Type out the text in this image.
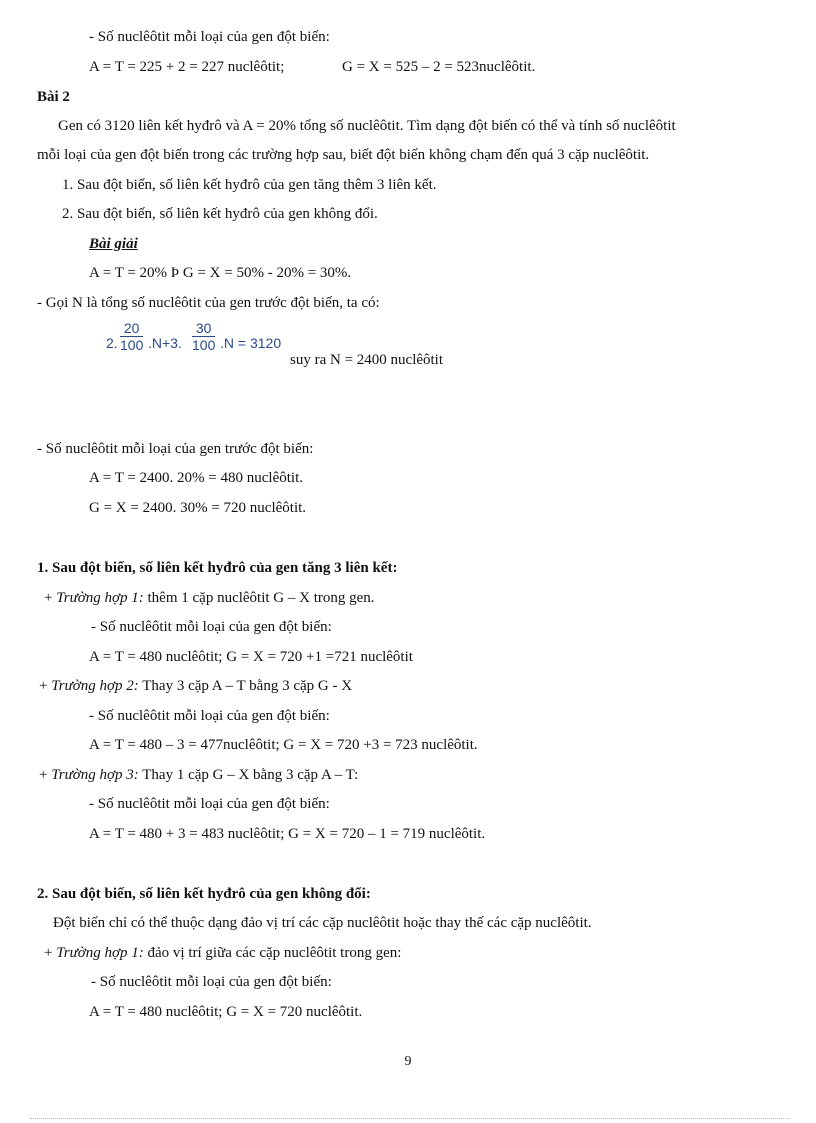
- Số nuclêôtit mỗi loại của gen đột biến:
A = T = 225 + 2 = 227 nuclêôtit;	G = X = 525 – 2 = 523nuclêôtit.
Bài 2
Gen có 3120 liên kết hyđrô và A = 20% tổng số nuclêôtit. Tìm dạng đột biến có thể và tính số nuclêôtit
mỗi loại của gen đột biến trong các trường hợp sau, biết đột biến không chạm đến quá 3 cặp nuclêôtit.
1. Sau đột biến, số liên kết hyđrô của gen tăng thêm 3 liên kết.
2. Sau đột biến, số liên kết hyđrô của gen không đổi.
Bài giải
A = T = 20% Þ G = X = 50% - 20% = 30%.
- Gọi N là tổng số nuclêôtit của gen trước đột biến, ta có:
2. $\frac{20}{100} .N+3$. $\frac{30}{100} .N = 3120$
suy ra N = 2400 nuclêôtit
- Số nuclêôtit mỗi loại của gen trước đột biến:
A = T = 2400. 20% = 480 nuclêôtit.
G = X = 2400. 30% = 720 nuclêôtit.
1. Sau đột biến, số liên kết hyđrô của gen tăng 3 liên kết:
+ Trường hợp 1: thêm 1 cặp nuclêôtit G – X trong gen.
- Số nuclêôtit mỗi loại của gen đột biến:
A = T = 480 nuclêôtit; G = X = 720 +1 =721 nuclêôtit
+ Trường hợp 2: Thay 3 cặp A – T bằng 3 cặp G - X
- Số nuclêôtit mỗi loại của gen đột biến:
A = T = 480 – 3 = 477nuclêôtit; G = X = 720 +3 = 723 nuclêôtit.
+ Trường hợp 3: Thay 1 cặp G – X bằng 3 cặp A – T:
- Số nuclêôtit mỗi loại của gen đột biến:
A = T = 480 + 3 = 483 nuclêôtit; G = X = 720 – 1 = 719 nuclêôtit.
2. Sau đột biến, số liên kết hyđrô của gen không đổi:
Đột biến chỉ có thể thuộc dạng đảo vị trí các cặp nuclêôtit hoặc thay thế các cặp nuclêôtit.
+ Trường hợp 1: đảo vị trí giữa các cặp nuclêôtit trong gen:
- Số nuclêôtit mỗi loại của gen đột biến:
A = T = 480 nuclêôtit; G = X = 720 nuclêôtit.
9
